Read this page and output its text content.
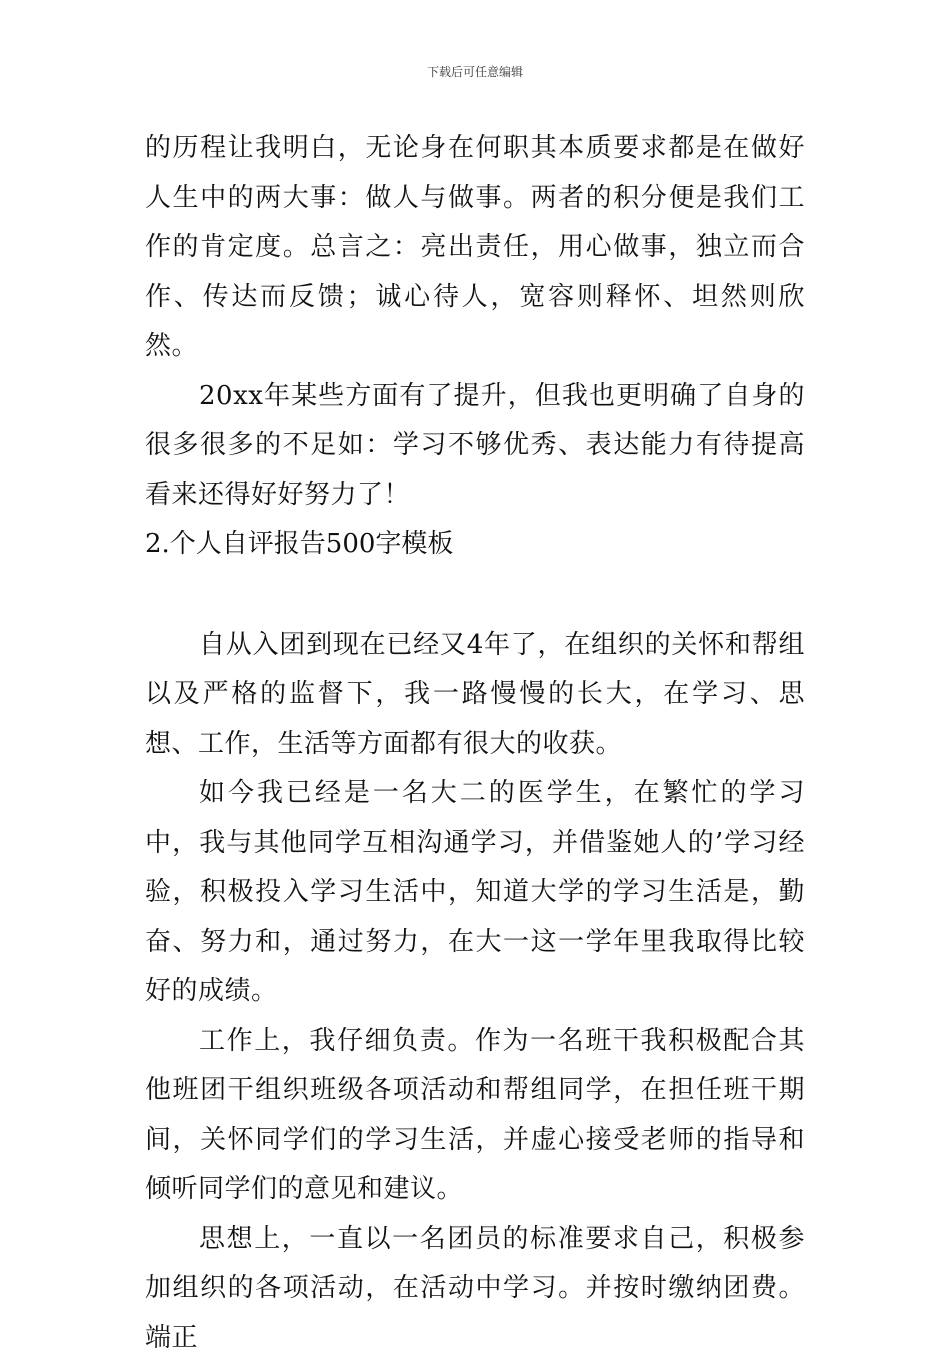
下载后可任意编辑

的历程让我明白，无论身在何职其本质要求都是在做好人生中的两大事：做人与做事。两者的积分便是我们工作的肯定度。总言之：亮出责任，用心做事，独立而合作、传达而反馈；诚心待人，宽容则释怀、坦然则欣然。

20xx年某些方面有了提升，但我也更明确了自身的很多很多的不足如：学习不够优秀、表达能力有待提高看来还得好好努力了！

2.个人自评报告500字模板

自从入团到现在已经又4年了，在组织的关怀和帮组以及严格的监督下，我一路慢慢的长大，在学习、思想、工作，生活等方面都有很大的收获。

如今我已经是一名大二的医学生，在繁忙的学习中，我与其他同学互相沟通学习，并借鉴她人的’学习经验，积极投入学习生活中，知道大学的学习生活是，勤奋、努力和，通过努力，在大一这一学年里我取得比较好的成绩。

工作上，我仔细负责。作为一名班干我积极配合其他班团干组织班级各项活动和帮组同学，在担任班干期间，关怀同学们的学习生活，并虚心接受老师的指导和倾听同学们的意见和建议。

思想上，一直以一名团员的标准要求自己，积极参加组织的各项活动，在活动中学习。并按时缴纳团费。端正
